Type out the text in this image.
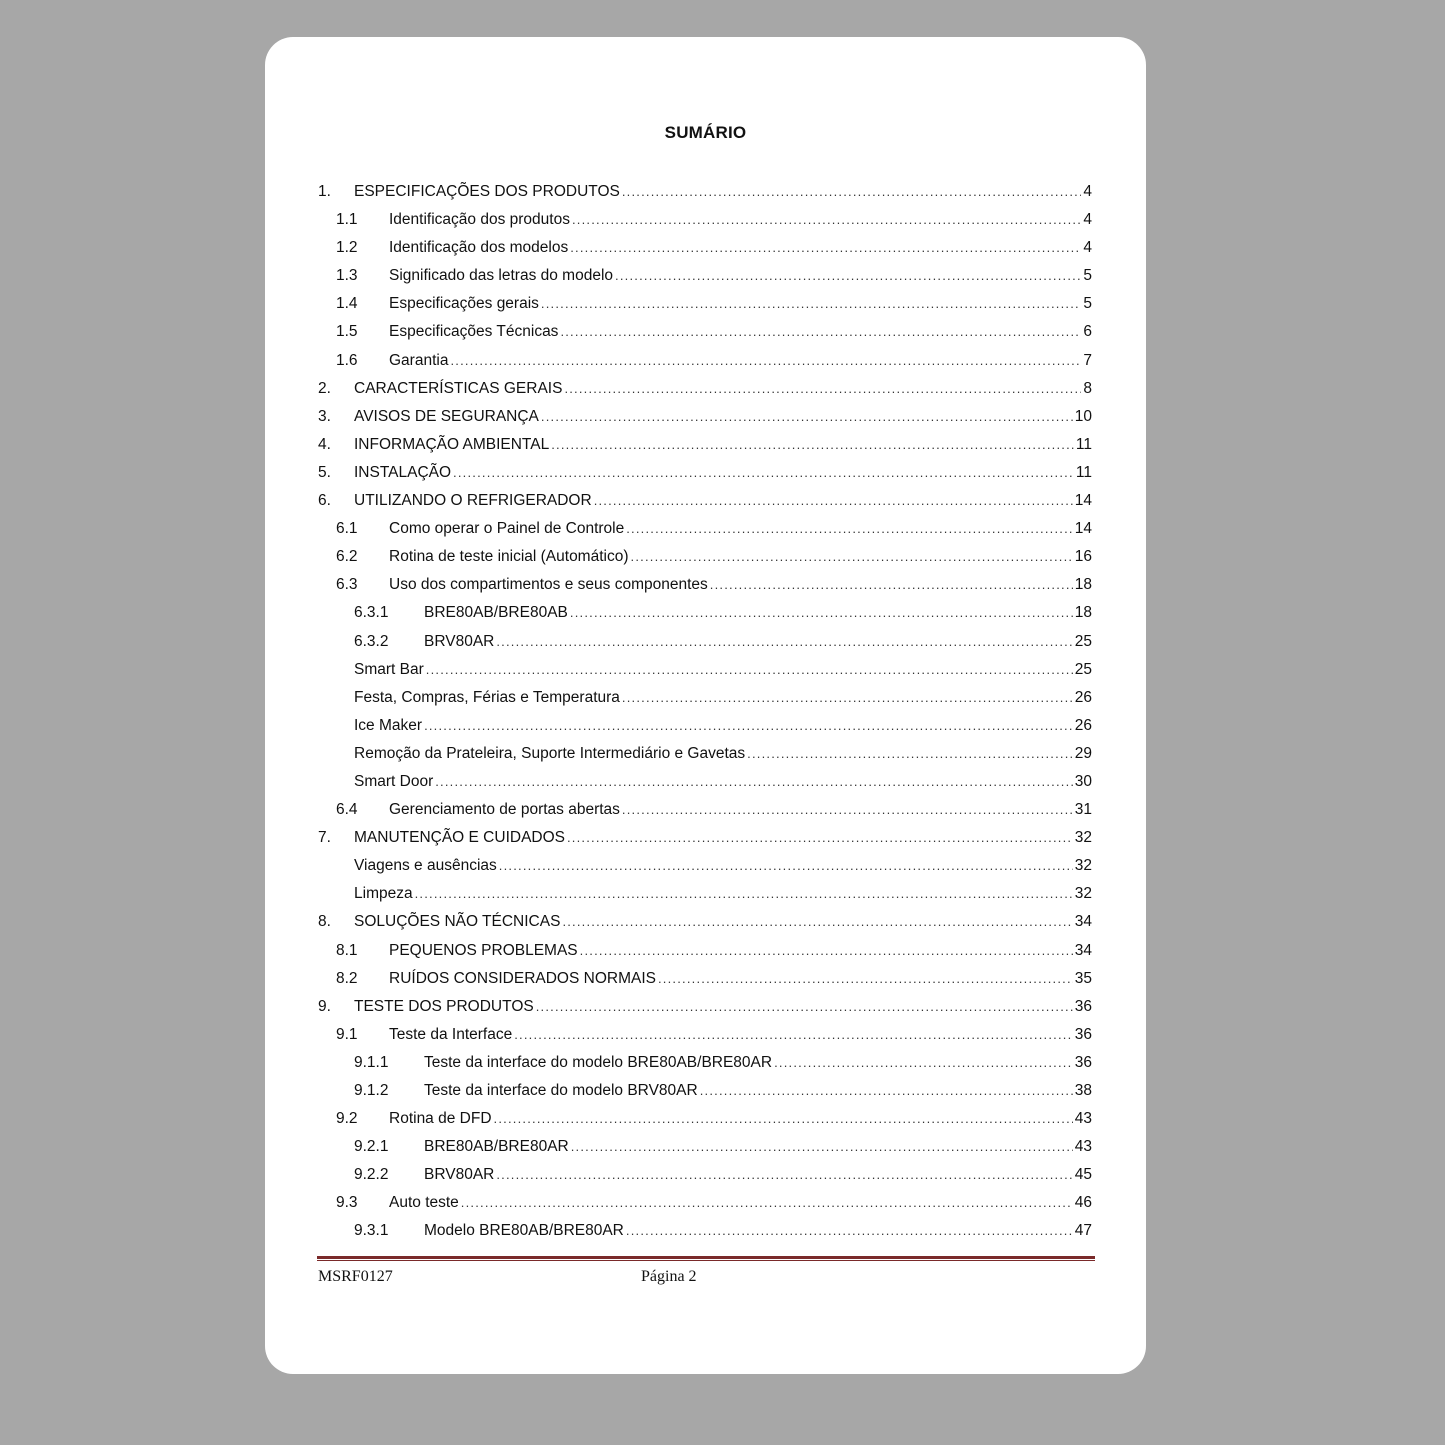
SUMÁRIO
1. ESPECIFICAÇÕES DOS PRODUTOS .....	4
1.1 Identificação dos produtos .....	4
1.2 Identificação dos modelos .....	4
1.3 Significado das letras do modelo .....	5
1.4 Especificações gerais .....	5
1.5 Especificações Técnicas .....	6
1.6 Garantia .....	7
2. CARACTERÍSTICAS GERAIS .....	8
3. AVISOS DE SEGURANÇA .....	10
4. INFORMAÇÃO AMBIENTAL .....	11
5. INSTALAÇÃO .....	11
6. UTILIZANDO O REFRIGERADOR .....	14
6.1 Como operar o Painel de Controle .....	14
6.2 Rotina de teste inicial (Automático) .....	16
6.3 Uso dos compartimentos e seus componentes .....	18
6.3.1 BRE80AB/BRE80AB .....	18
6.3.2 BRV80AR .....	25
Smart Bar .....	25
Festa, Compras, Férias e Temperatura .....	26
Ice Maker .....	26
Remoção da Prateleira, Suporte Intermediário e Gavetas .....	29
Smart Door .....	30
6.4 Gerenciamento de portas abertas .....	31
7. MANUTENÇÃO E CUIDADOS .....	32
Viagens e ausências .....	32
Limpeza .....	32
8. SOLUÇÕES NÃO TÉCNICAS .....	34
8.1 PEQUENOS PROBLEMAS .....	34
8.2 RUÍDOS CONSIDERADOS NORMAIS .....	35
9. TESTE DOS PRODUTOS .....	36
9.1 Teste da Interface .....	36
9.1.1 Teste da interface do modelo BRE80AB/BRE80AR .....	36
9.1.2 Teste da interface do modelo BRV80AR .....	38
9.2 Rotina de DFD .....	43
9.2.1 BRE80AB/BRE80AR .....	43
9.2.2 BRV80AR .....	45
9.3 Auto teste .....	46
9.3.1 Modelo BRE80AB/BRE80AR .....	47
MSRF0127	Página 2
